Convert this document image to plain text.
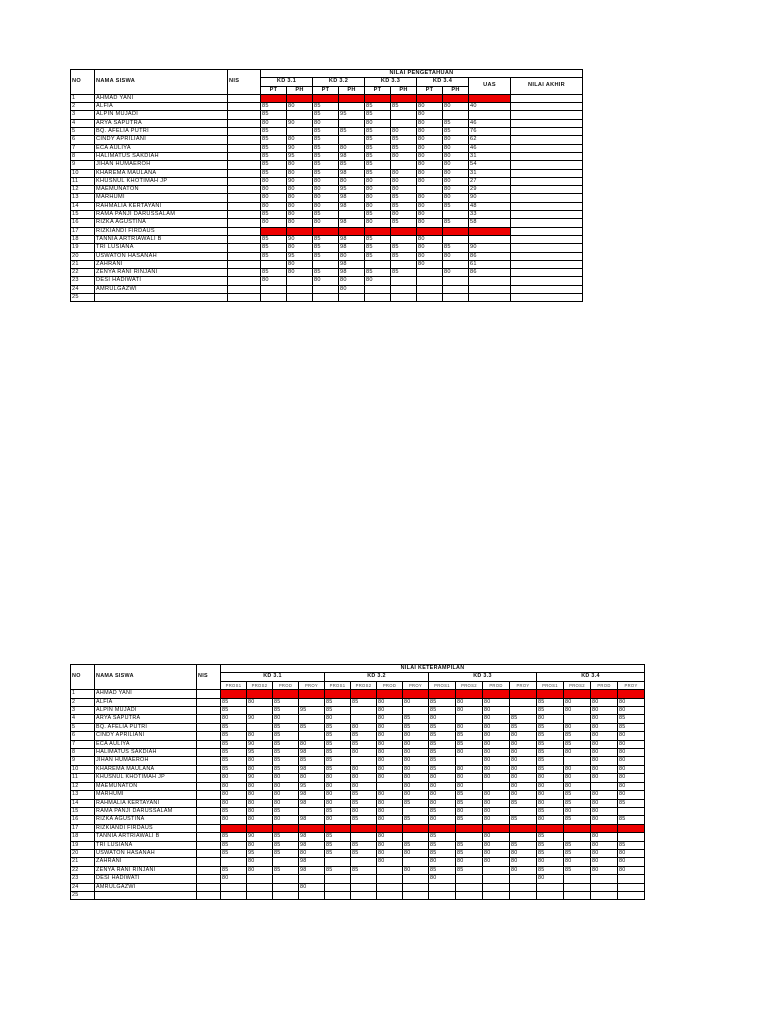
NO	NAMA SISWA	NIS	NILAI PENGETAHUAN									
			KD 3.1		KD 3.2		KD 3.3		KD 3.4		UAS	NILAI AKHIR
			PT	PH	PT	PH	PT	PH	PT	PH		
1	AHMAD YANI											
2	ALFIA		85	80	85		85	85	80	80	40	
3	ALPIN MUJADI		85		85	95	85		80			
4	ARYA SAPUTRA		80	90	80		80		80	85	46	
5	BQ. AFELIA PUTRI		85		85	85	85	80	80	85	76	
6	CINDY APRILIANI		85	80	85		85	85	80	80	62	
7	ECA AULIYA		85	90	85	80	85	85	80	80	46	
8	HALIMATUS SAKDIAH		85	95	85	98	85	80	80	80	31	
9	JIHAN HUMAEROH		85	80	85	85	85		80	80	54	
10	KHAREMA MAULANA		85	80	85	98	85	80	80	80	31	
11	KHUSNUL KHOTIMAH JP		80	90	80	80	80	80	80	80	27	
12	MAEMUNATON		80	80	80	95	80	80		80	29	
13	MARHUMI		80	80	80	98	80	85	80	80	90	
14	RAHMALIA KERTAYANI		80	80	80	98	80	85	80	85	48	
15	RAMA PANJI DARUSSALAM		85	80	85		85	80	80		33	
16	RIZKA AGUSTINA		80	80	80	98	80	85	80	85	58	
17	RIZKIANDI FIRDAUS											
18	TANNIA ARTRIAWALI B		85	90	85	98	85		80			
19	TRI LUSIANA		85	80	85	98	85	85	80	85	90	
20	USWATON HASANAH		85	95	85	80	85	85	80	80	86	
21	ZAHRANI			80		98			80		61	
22	ZENYA RANI RINJANI		85	80	85	98	85	85		80	86	
23	DESI HADIWATI		80		80	80	80					
24	AMRULGAZWI					80						
25												
NO	NAMA SISWA	NIS	NILAI KETERAMPILAN															
			KD 3.1				KD 3.2				KD 3.3				KD 3.4			
			PROS1	PROS2	PROD	PROY	PROS1	PROS2	PROD	PROY	PROS1	PROS2	PROD	PROY	PROS1	PROS2	PROD	PROY
1	AHMAD YANI																	
2	ALFIA		85	80	85		85	85	80	80	85	80	80		85	80	80	80
3	ALPIN MUJADI		85		85	95	85		80		85	80	80		85	80	80	80
4	ARYA SAPUTRA		80	90	80		80		80	85	80		80	85	80		80	85
5	BQ. AFELIA PUTRI		85		85	85	85	80	80	85	85	80	80	85	85	80	80	85
6	CINDY APRILIANI		85	80	85		85	85	80	80	85	85	80	80	85	85	80	80
7	ECA AULIYA		85	90	85	80	85	85	80	80	85	85	80	80	85	85	80	80
8	HALIMATUS SAKDIAH		85	95	85	98	85	80	80	80	85	80	80	80	85	80	80	80
9	JIHAN HUMAEROH		85	80	85	85	85		80	80	85		80	80	85		80	80
10	KHAREMA MAULANA		85	80	85	98	85	80	80	80	85	80	80	80	85	80	80	80
11	KHUSNUL KHOTIMAH JP		80	90	80	80	80	80	80	80	80	80	80	80	80	80	80	80
12	MAEMUNATON		80	80	80	95	80	80		80	80	80		80	80	80		80
13	MARHUMI		80	80	80	98	80	85	80	80	80	85	80	80	80	85	80	80
14	RAHMALIA KERTAYANI		80	80	80	98	80	85	80	85	80	85	80	85	80	85	80	85
15	RAMA PANJI DARUSSALAM		85	80	85		85	80	80		85	80	80		85	80	80	
16	RIZKA AGUSTINA		80	80	80	98	80	85	80	85	80	85	80	85	80	85	80	85
17	RIZKIANDI FIRDAUS																	
18	TANNIA ARTRIAWALI B		85	90	85	98	85		80		85		80		85		80	
19	TRI LUSIANA		85	80	85	98	85	85	80	85	85	85	80	85	85	85	80	85
20	USWATON HASANAH		85	95	85	80	85	85	80	80	85	85	80	80	85	85	80	80
21	ZAHRANI			80		98			80		80	80	80	80	80	80	80	80
22	ZENYA RANI RINJANI		85	80	85	98	85	85		80	85	85		80	85	85	80	80
23	DESI HADIWATI		80								80				80			
24	AMRULGAZWI					80												
25																		
